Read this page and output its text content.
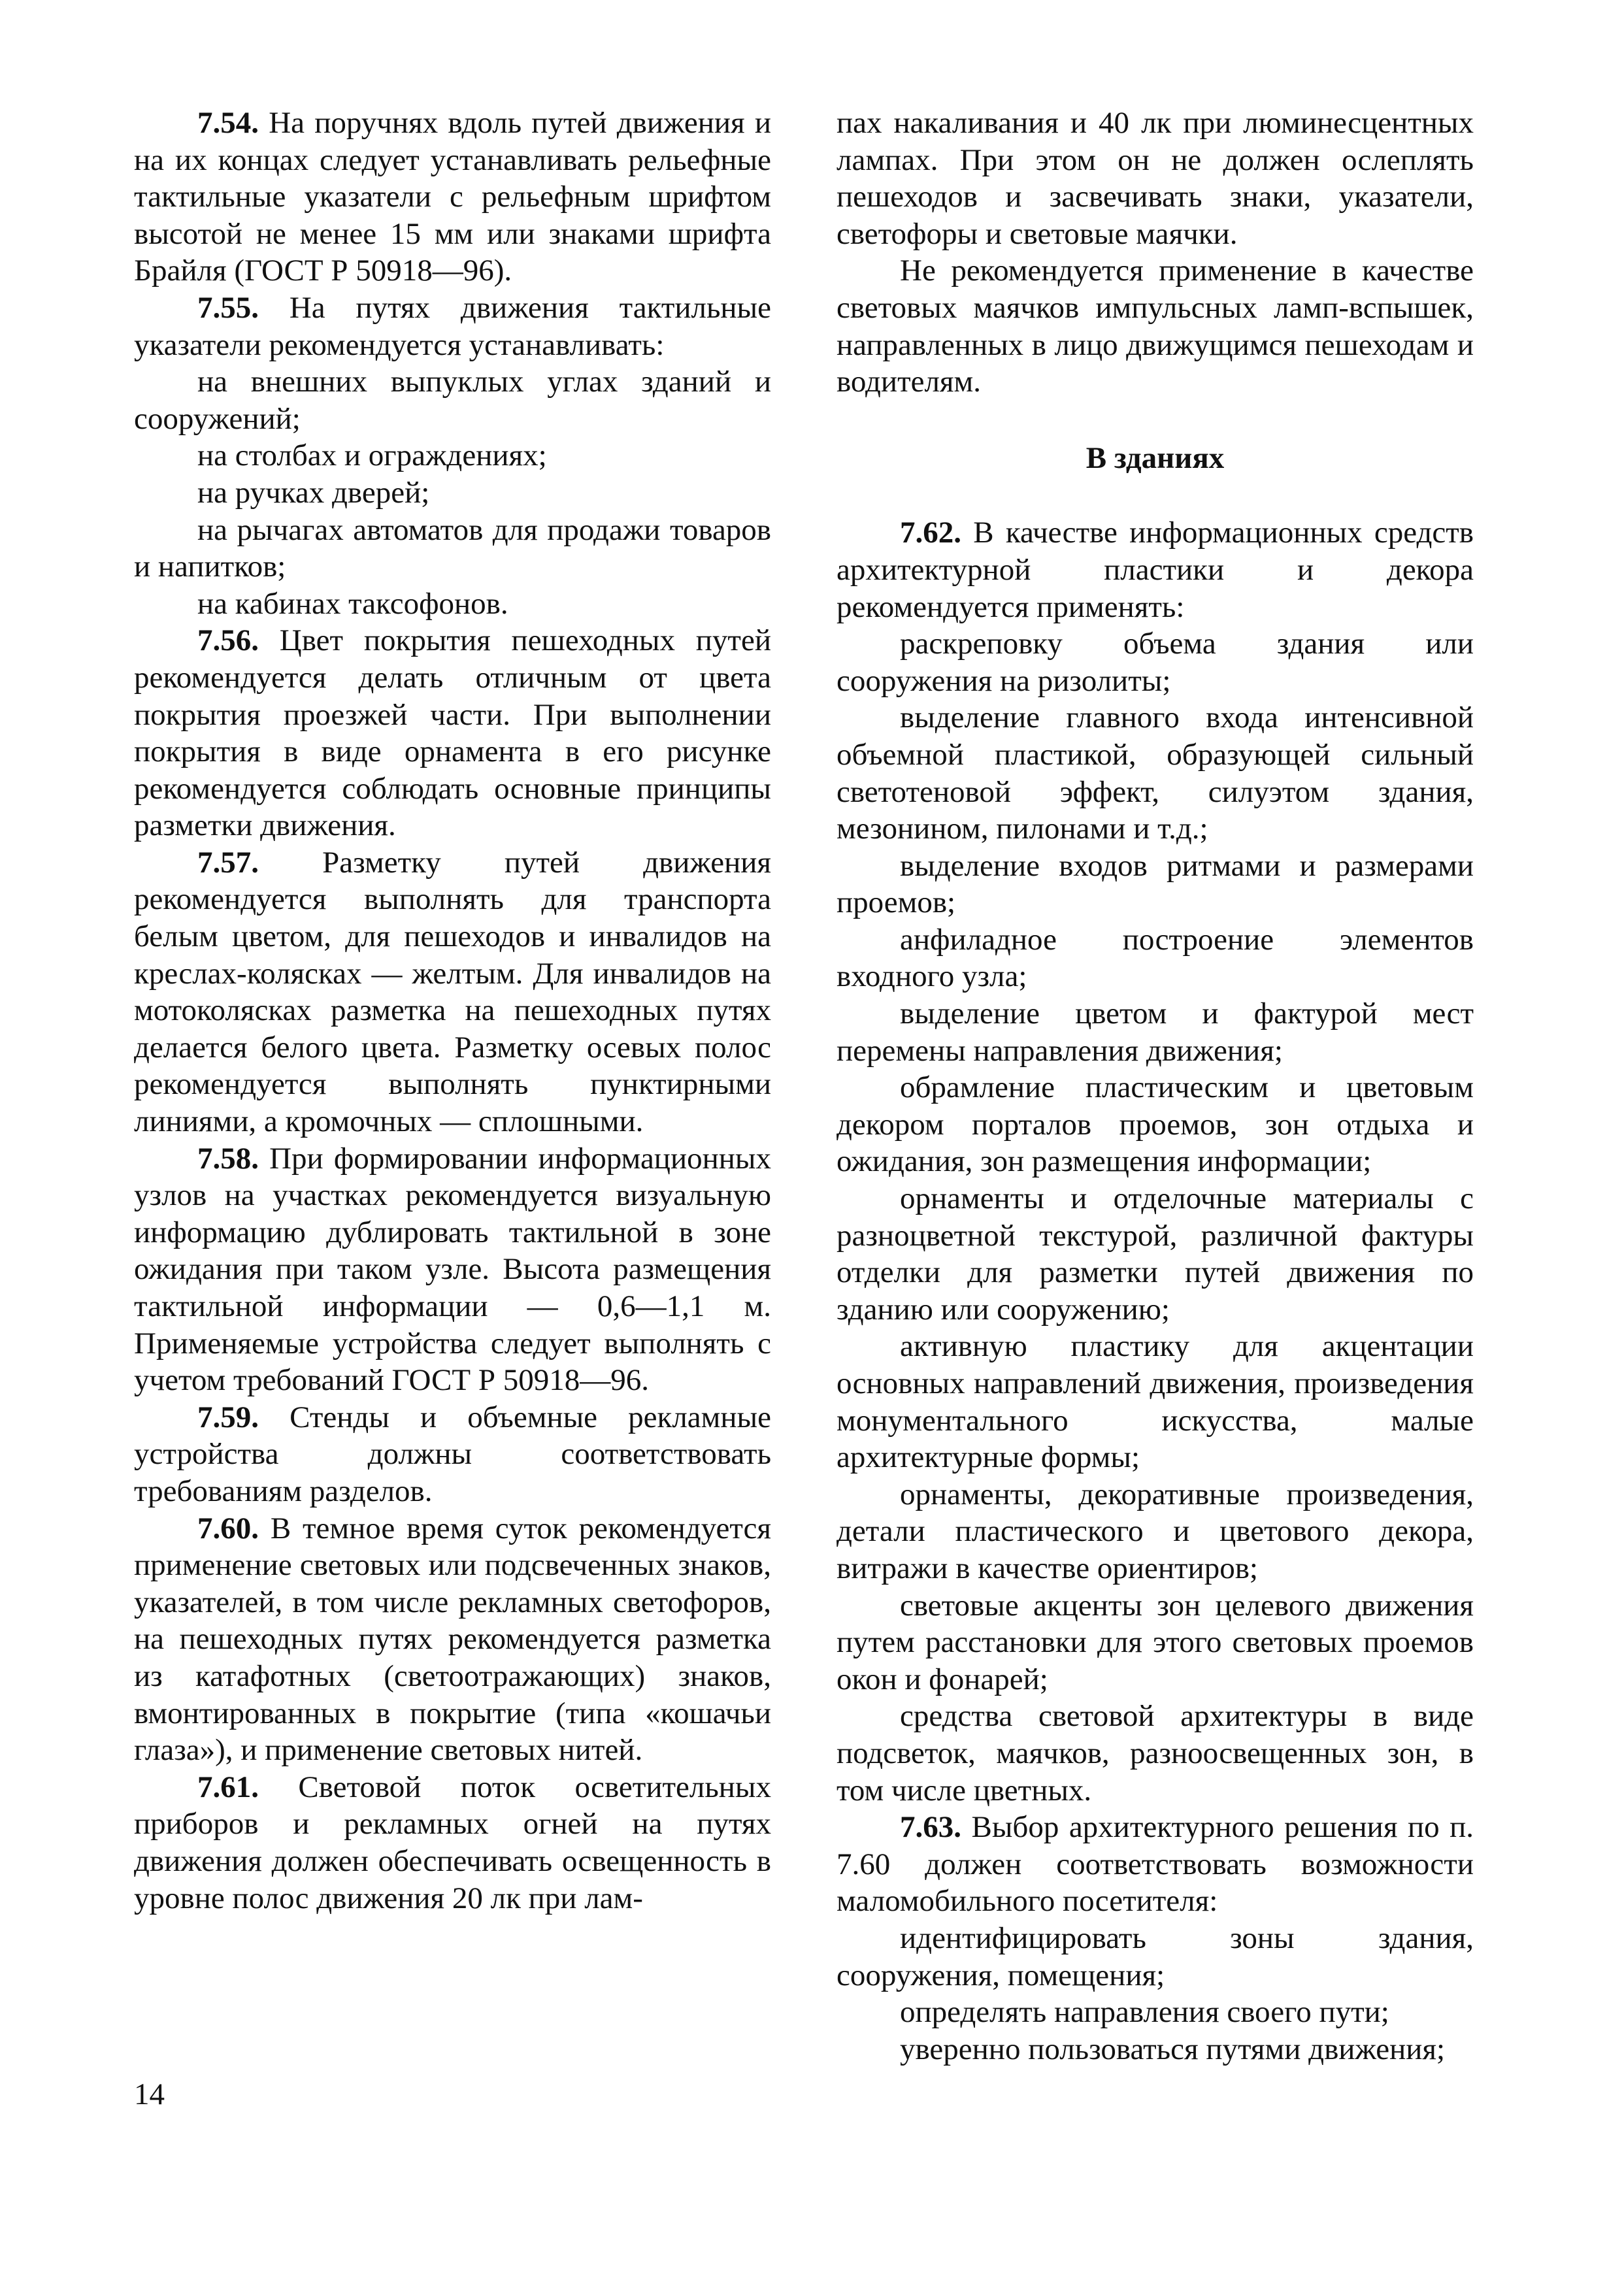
7.54. На поручнях вдоль путей движения и на их концах следует устанавливать рельефные тактильные указатели с рельефным шрифтом высотой не менее 15 мм или знаками шрифта Брайля (ГОСТ Р 50918—96).

7.55. На путях движения тактильные указатели рекомендуется устанавливать:

на внешних выпуклых углах зданий и сооружений;

на столбах и ограждениях;

на ручках дверей;

на рычагах автоматов для продажи товаров и напитков;

на кабинах таксофонов.

7.56. Цвет покрытия пешеходных путей рекомендуется делать отличным от цвета покрытия проезжей части. При выполнении покрытия в виде орнамента в его рисунке рекомендуется соблюдать основные принципы разметки движения.

7.57. Разметку путей движения рекомендуется выполнять для транспорта белым цветом, для пешеходов и инвалидов на креслах-колясках — желтым. Для инвалидов на мотоколясках разметка на пешеходных путях делается белого цвета. Разметку осевых полос рекомендуется выполнять пунктирными линиями, а кромочных — сплошными.

7.58. При формировании информационных узлов на участках рекомендуется визуальную информацию дублировать тактильной в зоне ожидания при таком узле. Высота размещения тактильной информации — 0,6—1,1 м. Применяемые устройства следует выполнять с учетом требований ГОСТ Р 50918—96.

7.59. Стенды и объемные рекламные устройства должны соответствовать требованиям разделов.

7.60. В темное время суток рекомендуется применение световых или подсвеченных знаков, указателей, в том числе рекламных светофоров, на пешеходных путях рекомендуется разметка из катафотных (светоотражающих) знаков, вмонтированных в покрытие (типа «кошачьи глаза»), и применение световых нитей.

7.61. Световой поток осветительных приборов и рекламных огней на путях движения должен обеспечивать освещенность в уровне полос движения 20 лк при лам-

пах накаливания и 40 лк при люминесцентных лампах. При этом он не должен ослеплять пешеходов и засвечивать знаки, указатели, светофоры и световые маячки.

Не рекомендуется применение в качестве световых маячков импульсных ламп-вспышек, направленных в лицо движущимся пешеходам и водителям.

В зданиях

7.62. В качестве информационных средств архитектурной пластики и декора рекомендуется применять:

раскреповку объема здания или сооружения на ризолиты;

выделение главного входа интенсивной объемной пластикой, образующей сильный светотеновой эффект, силуэтом здания, мезонином, пилонами и т.д.;

выделение входов ритмами и размерами проемов;

анфиладное построение элементов входного узла;

выделение цветом и фактурой мест перемены направления движения;

обрамление пластическим и цветовым декором порталов проемов, зон отдыха и ожидания, зон размещения информации;

орнаменты и отделочные материалы с разноцветной текстурой, различной фактуры отделки для разметки путей движения по зданию или сооружению;

активную пластику для акцентации основных направлений движения, произведения монументального искусства, малые архитектурные формы;

орнаменты, декоративные произведения, детали пластического и цветового декора, витражи в качестве ориентиров;

световые акценты зон целевого движения путем расстановки для этого световых проемов окон и фонарей;

средства световой архитектуры в виде подсветок, маячков, разноосвещенных зон, в том числе цветных.

7.63. Выбор архитектурного решения по п. 7.60 должен соответствовать возможности маломобильного посетителя:

идентифицировать зоны здания, сооружения, помещения;

определять направления своего пути;

уверенно пользоваться путями движения;

14
